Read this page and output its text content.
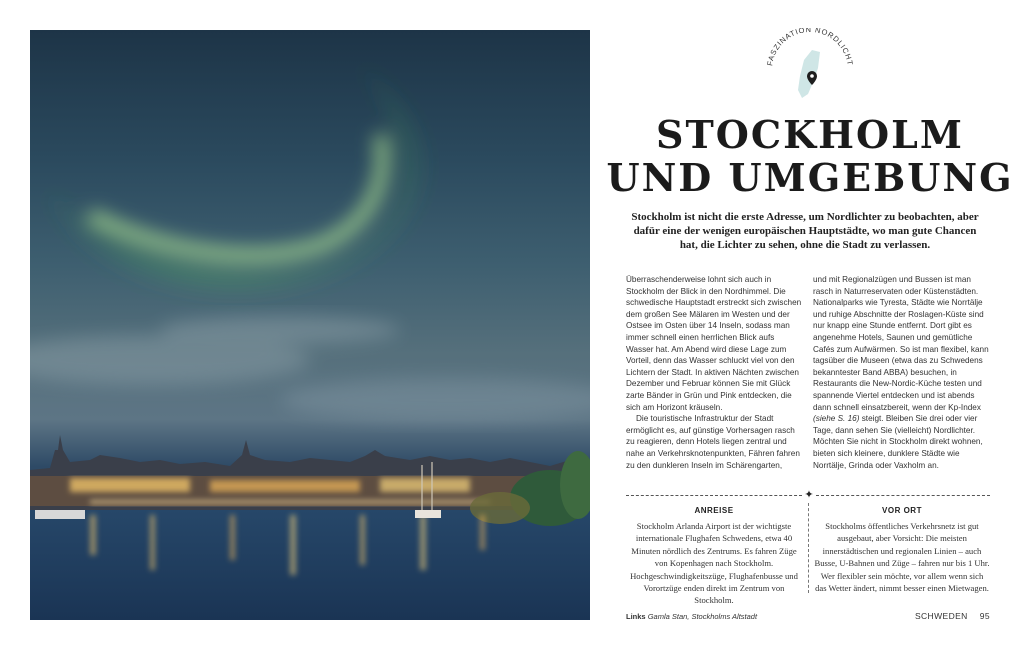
FASZINATION NORDLICHT
STOCKHOLM
UND UMGEBUNG
Stockholm ist nicht die erste Adresse, um Nordlichter zu beobachten, aber dafür eine der wenigen europäischen Hauptstädte, wo man gute Chancen hat, die Lichter zu sehen, ohne die Stadt zu verlassen.

Überraschenderweise lohnt sich auch in Stockholm der Blick in den Nordhimmel. Die schwedische Hauptstadt erstreckt sich zwischen dem großen See Mälaren im Westen und der Ostsee im Osten über 14 Inseln, sodass man immer schnell einen herrlichen Blick aufs Wasser hat. Am Abend wird diese Lage zum Vorteil, denn das Wasser schluckt viel von den Lichtern der Stadt. In aktiven Nächten zwischen Dezember und Februar können Sie mit Glück zarte Bänder in Grün und Pink entdecken, die sich am Horizont kräuseln.

Die touristische Infrastruktur der Stadt ermöglicht es, auf günstige Vorhersagen rasch zu reagieren, denn Hotels liegen zentral und nahe an Verkehrsknotenpunkten, Fähren fahren zu den dunkleren Inseln im Schärengarten,

und mit Regionalzügen und Bussen ist man rasch in Naturreservaten oder Küstenstädten. Nationalparks wie Tyresta, Städte wie Norrtälje und ruhige Abschnitte der Roslagen-Küste sind nur knapp eine Stunde entfernt. Dort gibt es angenehme Hotels, Saunen und gemütliche Cafés zum Aufwärmen. So ist man flexibel, kann tagsüber die Museen (etwa das zu Schwedens bekanntester Band ABBA) besuchen, in Restaurants die New-Nordic-Küche testen und spannende Viertel entdecken und ist abends dann schnell einsatzbereit, wenn der Kp-Index (siehe S. 16) steigt. Bleiben Sie drei oder vier Tage, dann sehen Sie (vielleicht) Nordlichter. Möchten Sie nicht in Stockholm direkt wohnen, bieten sich kleinere, dunklere Städte wie Norrtälje, Grinda oder Vaxholm an.

✦
ANREISE
Stockholm Arlanda Airport ist der wichtigste internationale Flughafen Schwedens, etwa 40 Minuten nördlich des Zentrums. Es fahren Züge von Kopenhagen nach Stockholm. Hochgeschwindigkeitszüge, Flughafenbusse und Vorortzüge enden direkt im Zentrum von Stockholm.
VOR ORT
Stockholms öffentliches Verkehrsnetz ist gut ausgebaut, aber Vorsicht: Die meisten innerstädtischen und regionalen Linien – auch Busse, U-Bahnen und Züge – fahren nur bis 1 Uhr. Wer flexibler sein möchte, vor allem wenn sich das Wetter ändert, nimmt besser einen Mietwagen.
Links Gamla Stan, Stockholms Altstadt	SCHWEDEN 95
